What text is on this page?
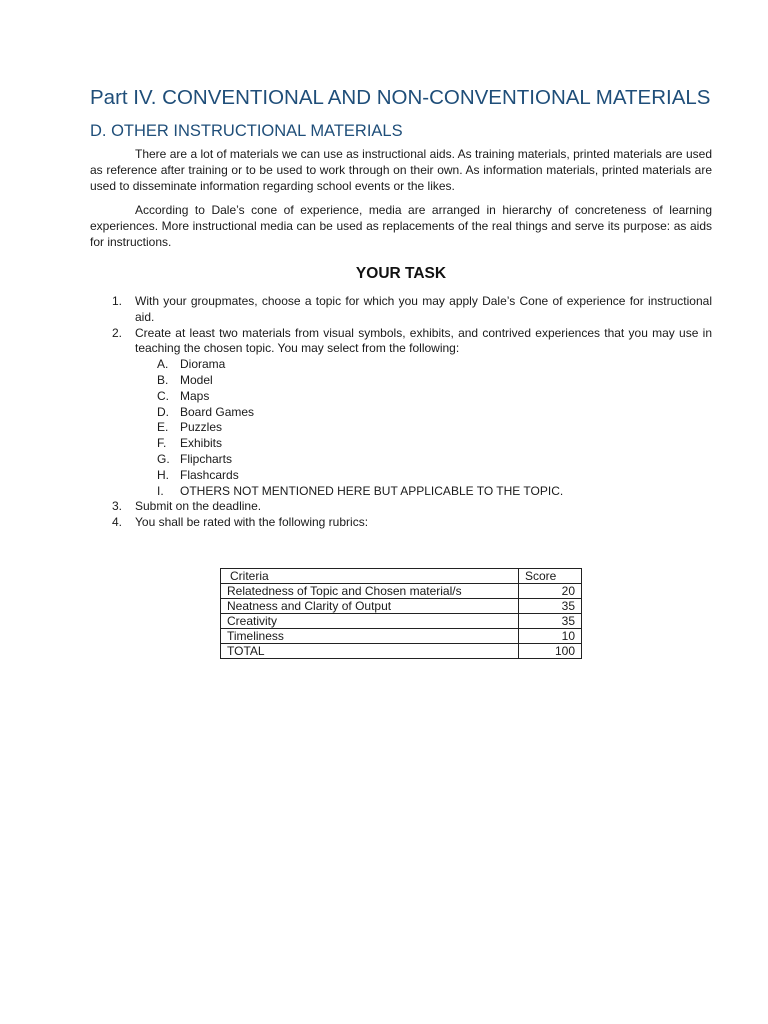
Part IV. CONVENTIONAL AND NON-CONVENTIONAL MATERIALS
D. OTHER INSTRUCTIONAL MATERIALS

There are a lot of materials we can use as instructional aids. As training materials, printed materials are used as reference after training or to be used to work through on their own. As information materials, printed materials are used to disseminate information regarding school events or the likes.

According to Dale’s cone of experience, media are arranged in hierarchy of concreteness of learning experiences. More instructional media can be used as replacements of the real things and serve its purpose: as aids for instructions.

YOUR TASK
1. With your groupmates, choose a topic for which you may apply Dale’s Cone of experience for instructional aid.
2. Create at least two materials from visual symbols, exhibits, and contrived experiences that you may use in teaching the chosen topic. You may select from the following:
A. Diorama
B. Model
C. Maps
D. Board Games
E. Puzzles
F. Exhibits
G. Flipcharts
H. Flashcards
I. OTHERS NOT MENTIONED HERE BUT APPLICABLE TO THE TOPIC.
3. Submit on the deadline.
4. You shall be rated with the following rubrics:
Criteria	Score
Relatedness of Topic and Chosen material/s	20
Neatness and Clarity of Output	35
Creativity	35
Timeliness	10
TOTAL	100
